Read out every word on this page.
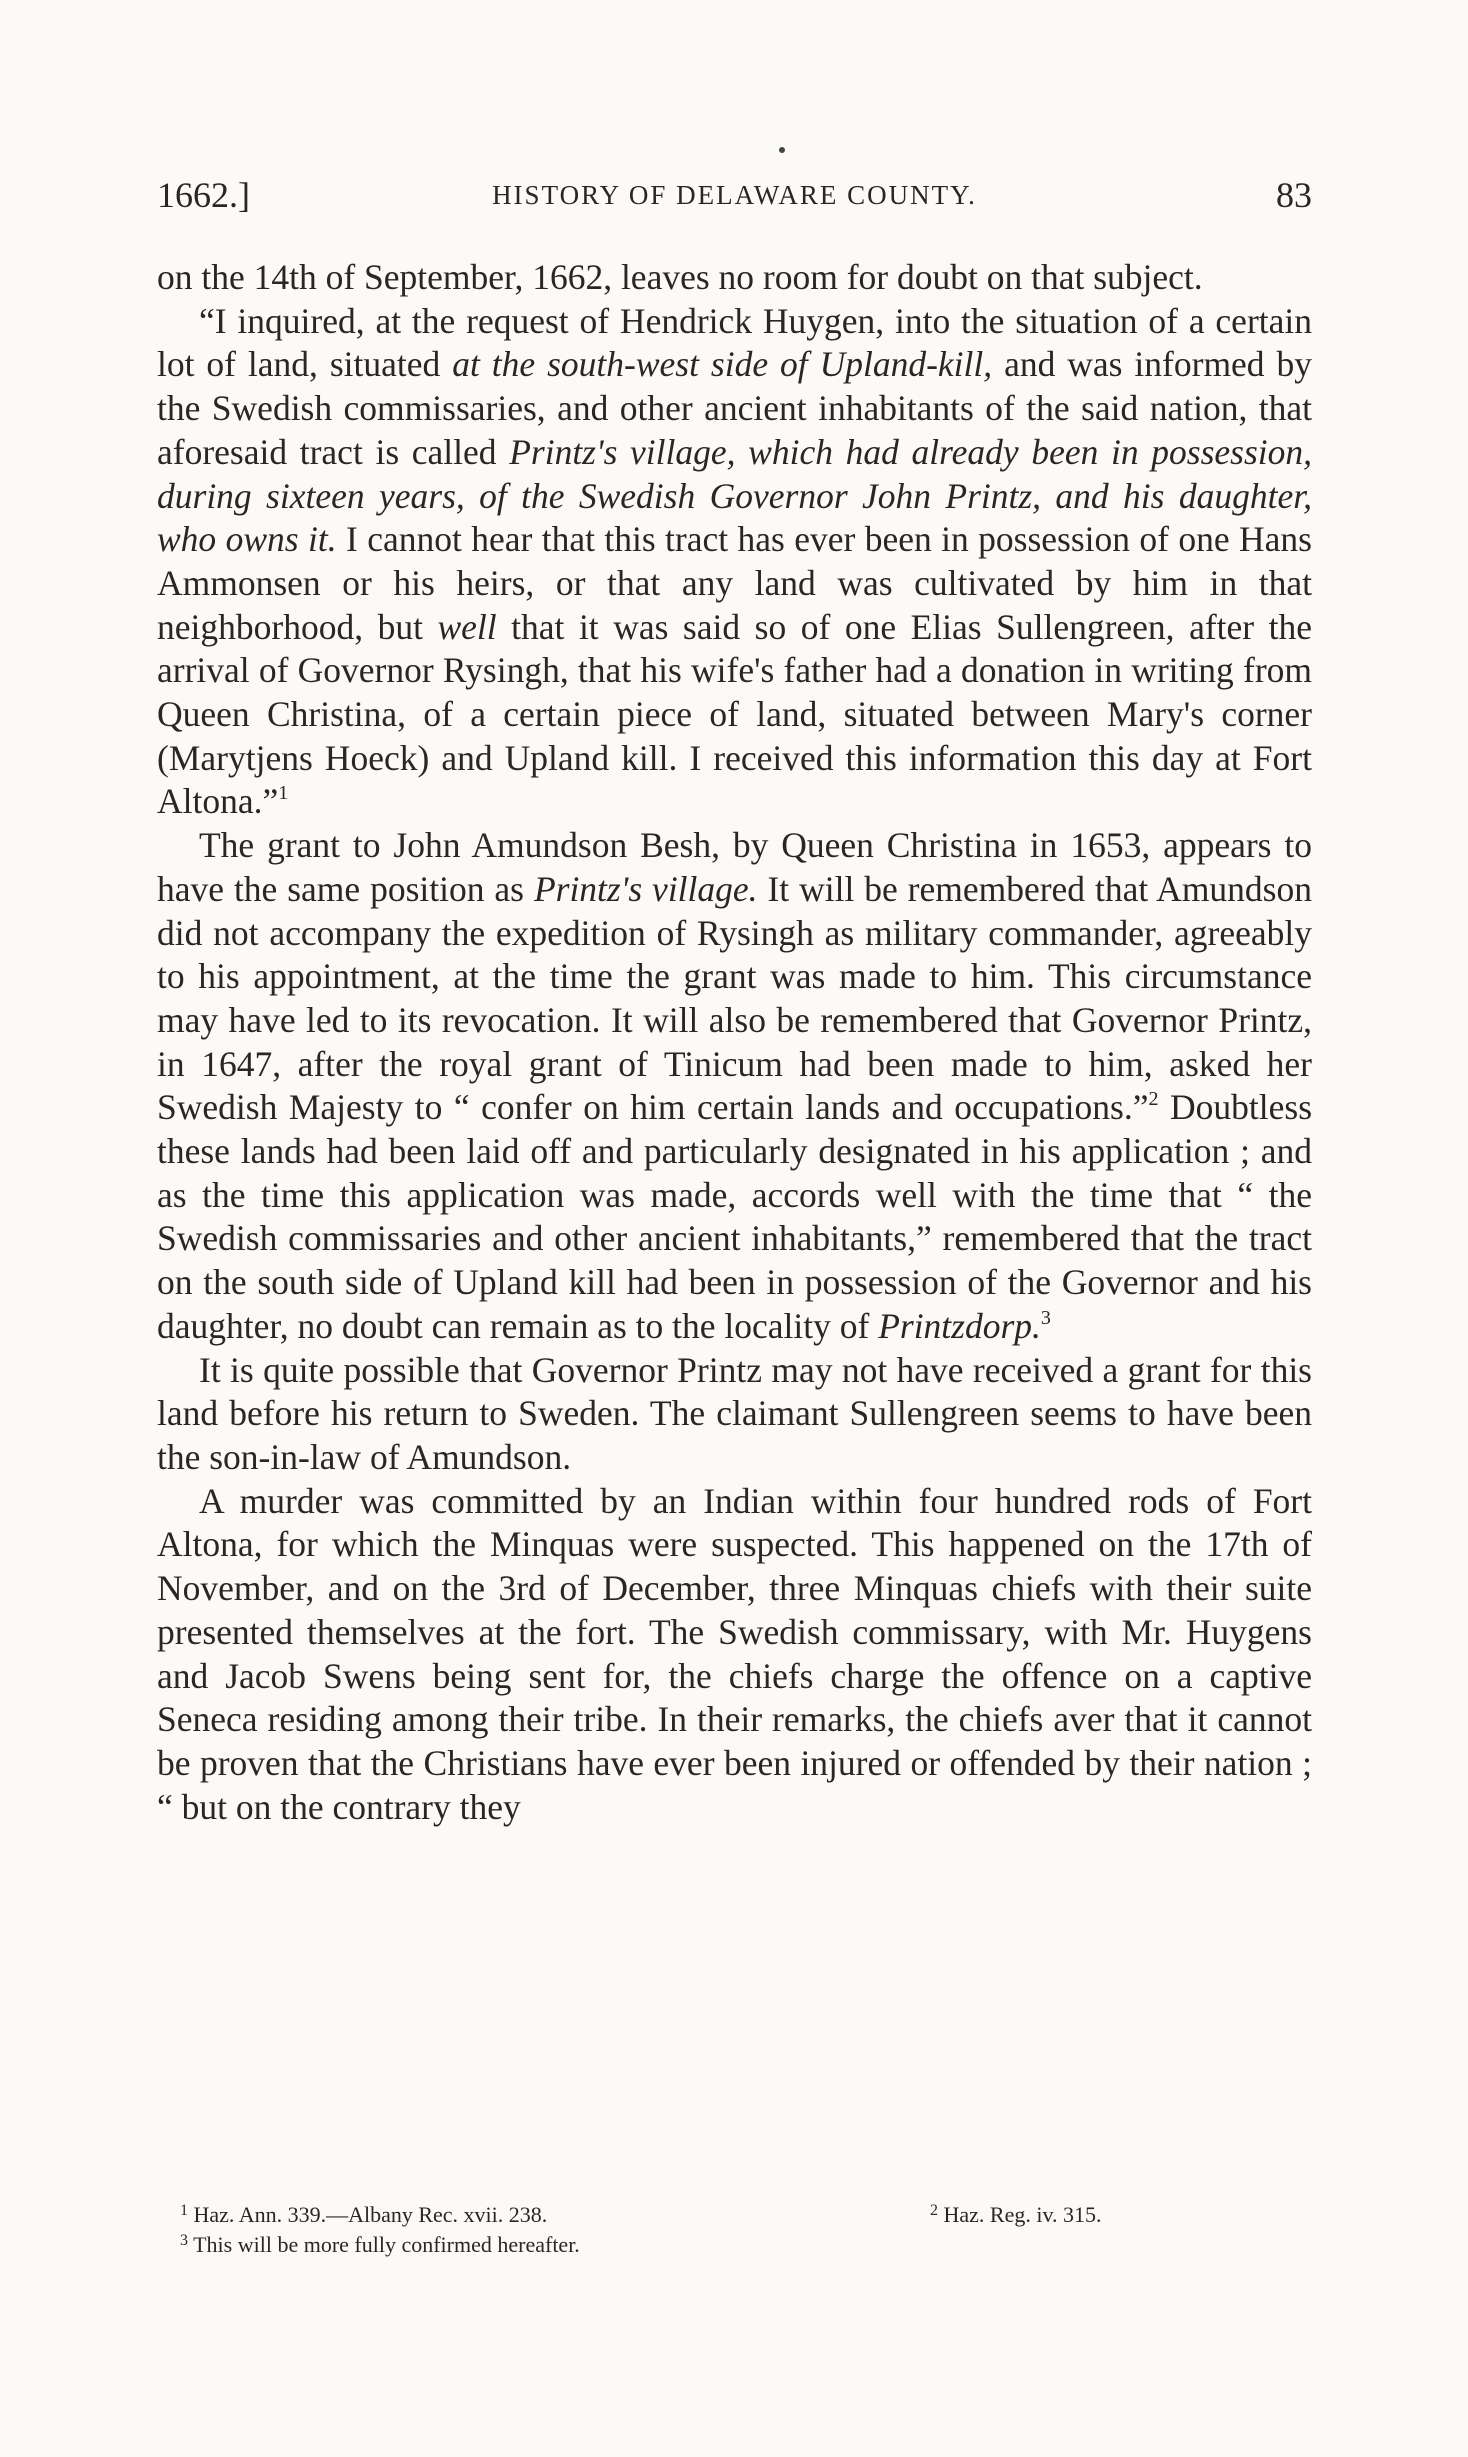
1662.]	HISTORY OF DELAWARE COUNTY.	83

on the 14th of September, 1662, leaves no room for doubt on that subject.

“I inquired, at the request of Hendrick Huygen, into the situation of a certain lot of land, situated at the south-west side of Upland-kill, and was informed by the Swedish commissaries, and other ancient inhabitants of the said nation, that aforesaid tract is called Printz's village, which had already been in possession, during sixteen years, of the Swedish Governor John Printz, and his daughter, who owns it. I cannot hear that this tract has ever been in possession of one Hans Ammonsen or his heirs, or that any land was cultivated by him in that neighborhood, but well that it was said so of one Elias Sullengreen, after the arrival of Governor Rysingh, that his wife's father had a donation in writing from Queen Christina, of a certain piece of land, situated between Mary's corner (Marytjens Hoeck) and Upland kill. I received this information this day at Fort Altona.”$^1$

The grant to John Amundson Besh, by Queen Christina in 1653, appears to have the same position as Printz's village. It will be remembered that Amundson did not accompany the expedition of Rysingh as military commander, agreeably to his appointment, at the time the grant was made to him. This circumstance may have led to its revocation. It will also be remembered that Governor Printz, in 1647, after the royal grant of Tinicum had been made to him, asked her Swedish Majesty to “ confer on him certain lands and occupations.”$^2$ Doubtless these lands had been laid off and particularly designated in his application ; and as the time this application was made, accords well with the time that “ the Swedish commissaries and other ancient inhabitants,” remembered that the tract on the south side of Upland kill had been in possession of the Governor and his daughter, no doubt can remain as to the locality of Printzdorp.$^3$

It is quite possible that Governor Printz may not have received a grant for this land before his return to Sweden. The claimant Sullengreen seems to have been the son-in-law of Amundson.

A murder was committed by an Indian within four hundred rods of Fort Altona, for which the Minquas were suspected. This happened on the 17th of November, and on the 3rd of December, three Minquas chiefs with their suite presented themselves at the fort. The Swedish commissary, with Mr. Huygens and Jacob Swens being sent for, the chiefs charge the offence on a captive Seneca residing among their tribe. In their remarks, the chiefs aver that it cannot be proven that the Christians have ever been injured or offended by their nation ; “ but on the contrary they

$^1$ Haz. Ann. 339.—Albany Rec. xvii. 238.	$^2$ Haz. Reg. iv. 315.
$^3$ This will be more fully confirmed hereafter.
